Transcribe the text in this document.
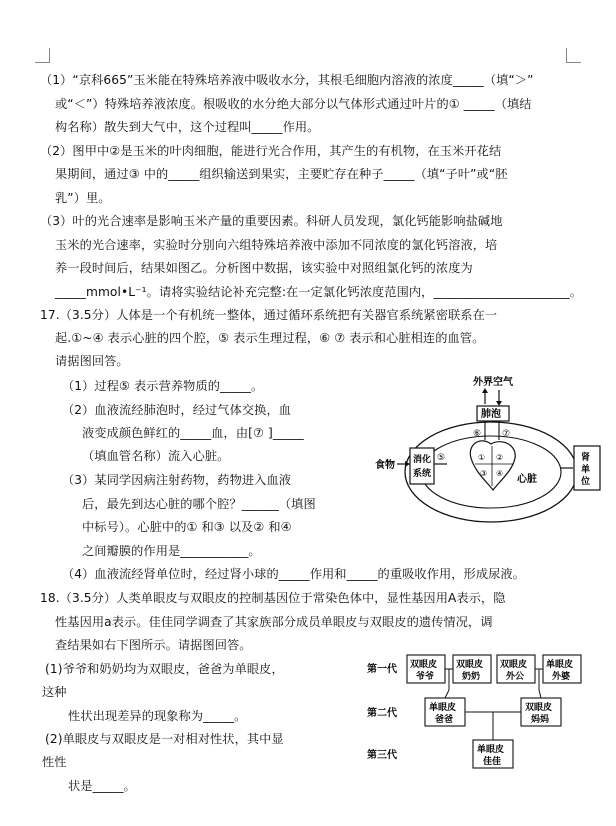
（1）“京科665”玉米能在特殊培养液中吸收水分，其根毛细胞内溶液的浓度_____（填“＞”
或“＜”）特殊培养液浓度。根吸收的水分绝大部分以气体形式通过叶片的① _____（填结
构名称）散失到大气中，这个过程叫_____作用。
（2）图甲中②是玉米的叶肉细胞，能进行光合作用，其产生的有机物，在玉米开花结
果期间，通过③ 中的_____组织输送到果实，主要贮存在种子_____（填“子叶”或“胚
乳”）里。
（3）叶的光合速率是影响玉米产量的重要因素。科研人员发现，氯化钙能影响盐碱地
玉米的光合速率，实验时分别向六组特殊培养液中添加不同浓度的氯化钙溶液，培
养一段时间后，结果如图乙。分析图中数据，该实验中对照组氯化钙的浓度为
_____mmol•L⁻¹。请将实验结论补充完整:在一定氯化钙浓度范围内，______________________。
17.（3.5分）人体是一个有机统一整体，通过循环系统把有关器官系统紧密联系在一
起.①~④ 表示心脏的四个腔，⑤ 表示生理过程，⑥ ⑦ 表示和心脏相连的血管。
请据图回答。
（1）过程⑤ 表示营养物质的_____。
（2）血液流经肺泡时，经过气体交换，血
液变成颜色鲜红的_____血，由[⑦ ]_____
（填血管名称）流入心脏。
（3）某同学因病注射药物，药物进入血液
后，最先到达心脏的哪个腔？______（填图
中标号）。心脏中的① 和③ 以及② 和④
之间瓣膜的作用是___________。
（4）血液流经肾单位时，经过肾小球的_____作用和_____的重吸收作用，形成尿液。
18.（3.5分）人类单眼皮与双眼皮的控制基因位于常染色体中，显性基因用A表示，隐
性基因用a表示。佳佳同学调查了其家族部分成员单眼皮与双眼皮的遗传情况，调
查结果如右下图所示。请据图回答。
(1)爷爷和奶奶均为双眼皮，爸爸为单眼皮，
这种
性状出现差异的现象称为_____。
(2)单眼皮与双眼皮是一对相对性状，其中显
性性
状是_____。
外界空气
肺泡
⑥ ⑦
① ②
③ ④
心脏
食物 消化
系统
⑤	肾
单
位
第一代
第二代
第三代
双眼皮
爷爷
双眼皮
奶奶
双眼皮
外公
单眼皮
外婆
单眼皮
爸爸
双眼皮
妈妈
单眼皮
佳佳
